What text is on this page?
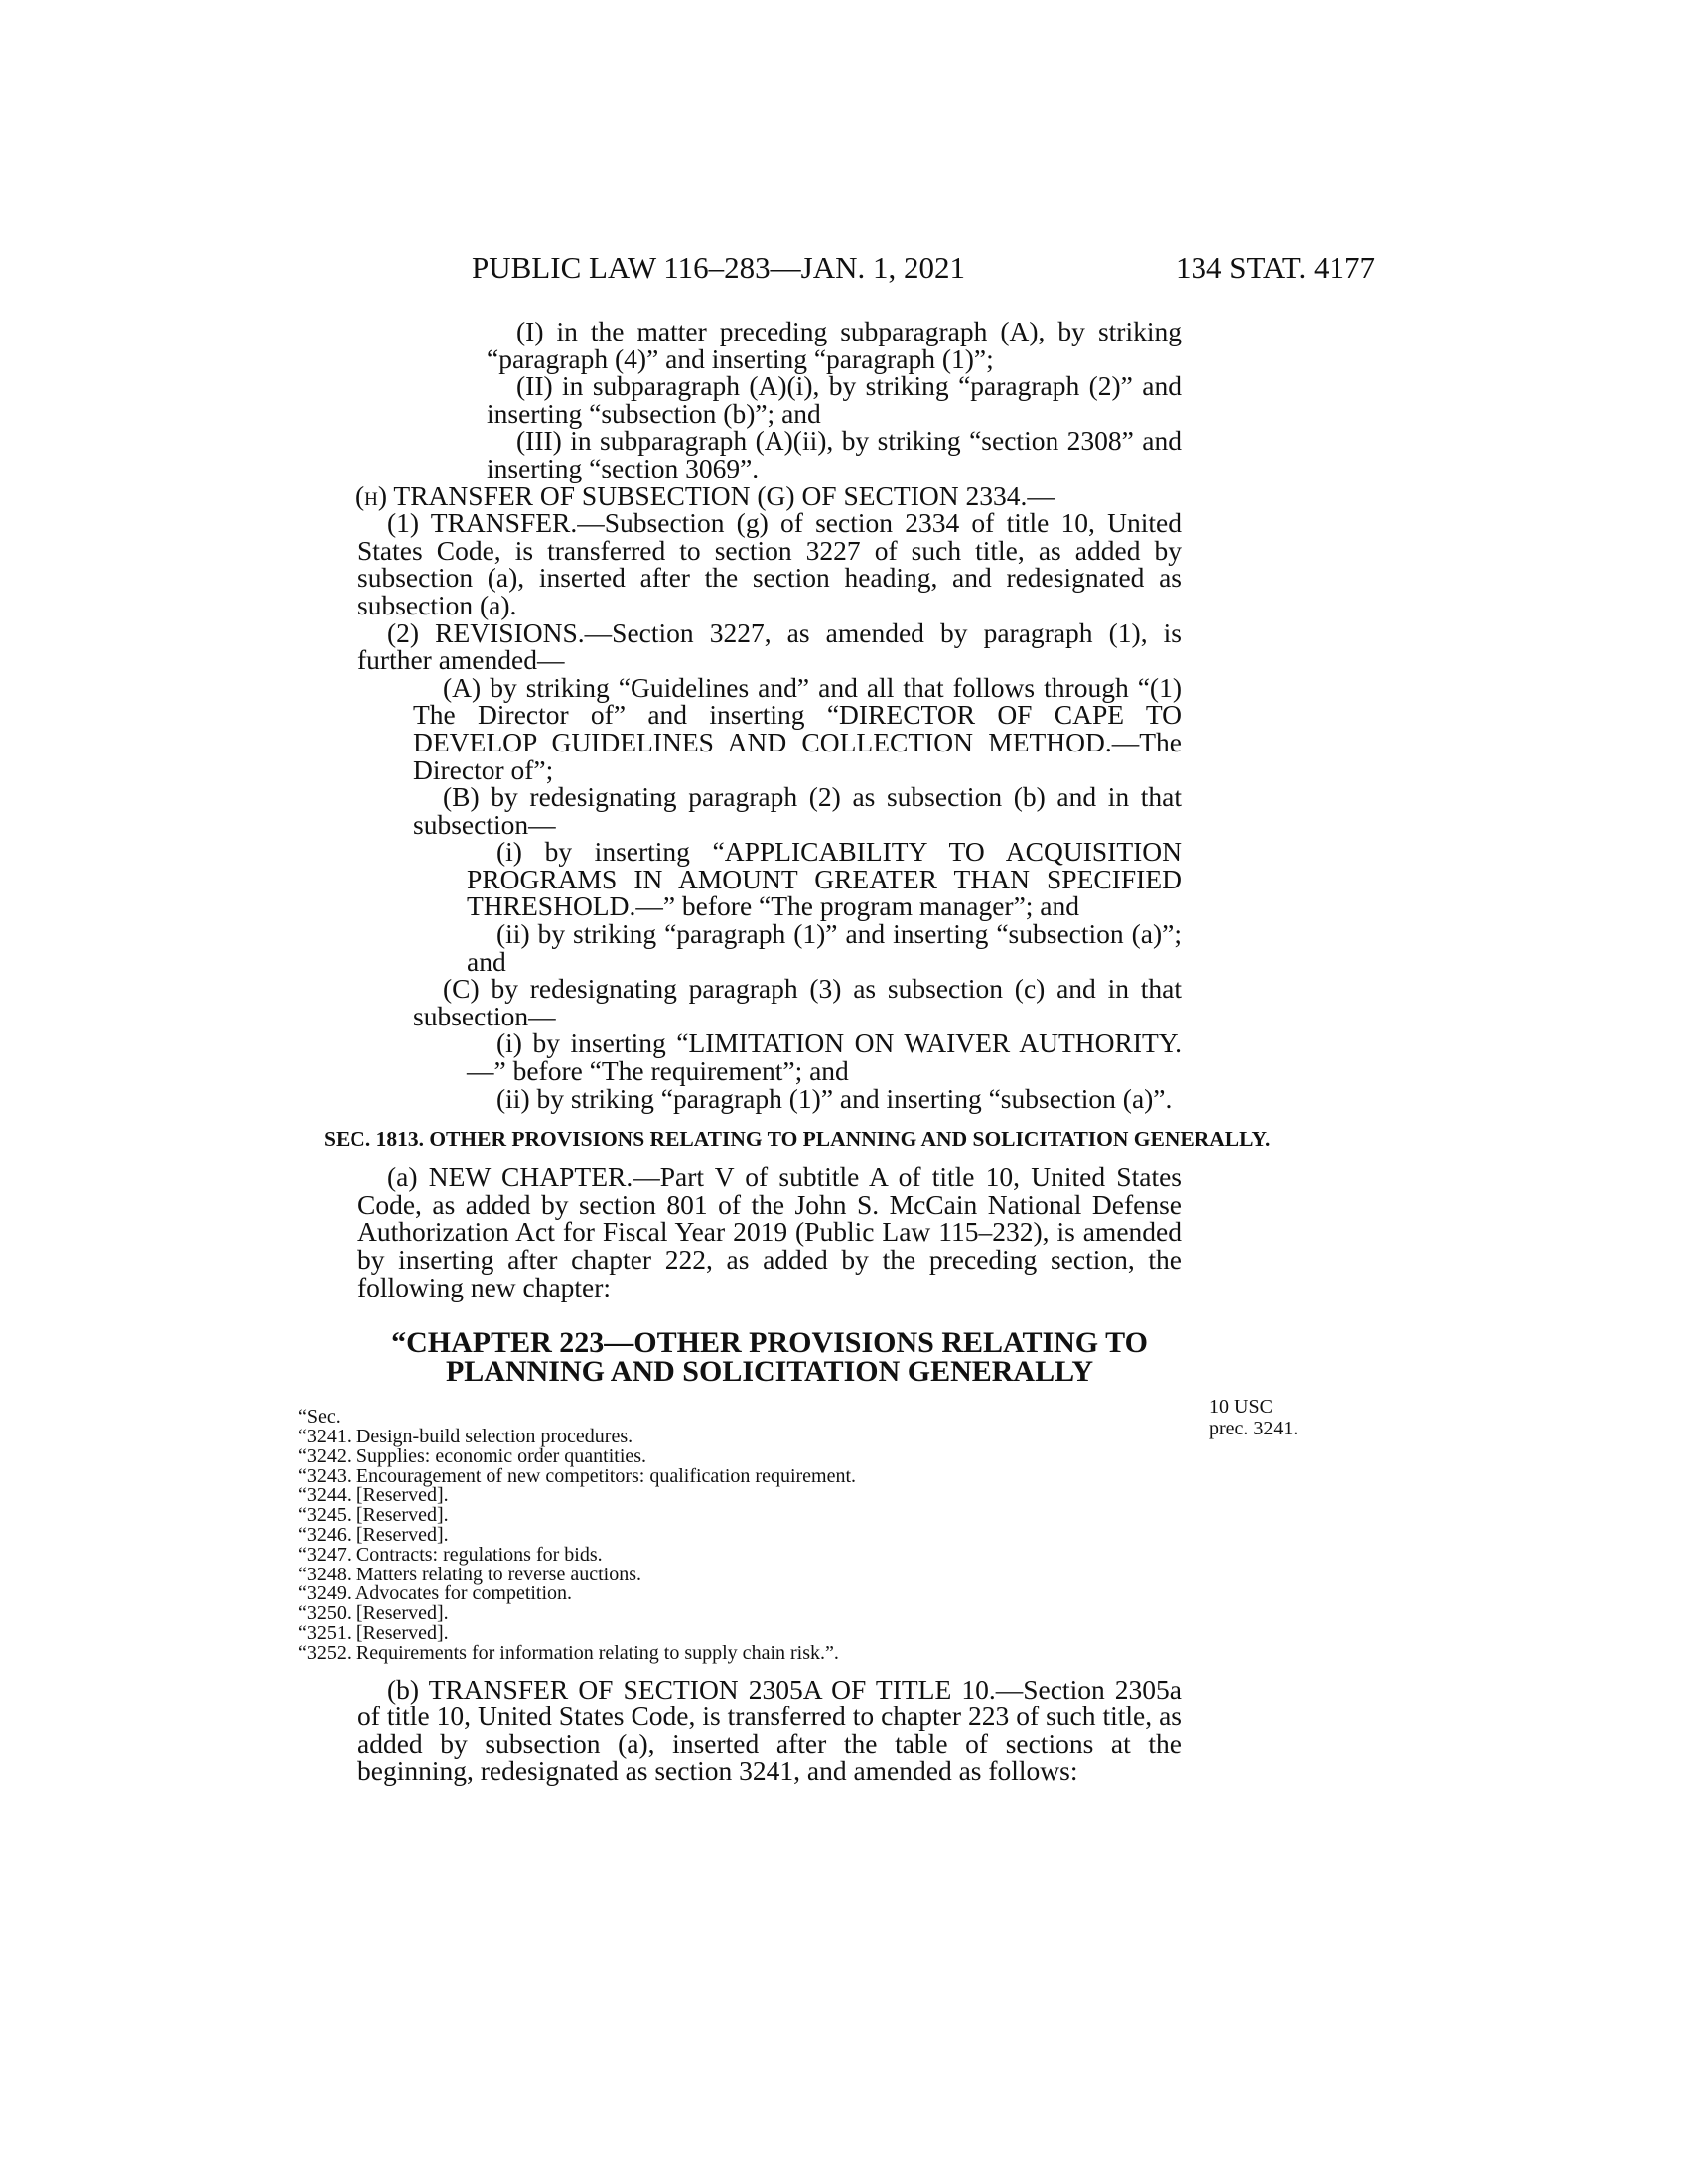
PUBLIC LAW 116–283—JAN. 1, 2021	134 STAT. 4177

(I) in the matter preceding subparagraph (A), by striking “paragraph (4)” and inserting “paragraph (1)”;

(II) in subparagraph (A)(i), by striking “paragraph (2)” and inserting “subsection (b)”; and

(III) in subparagraph (A)(ii), by striking “section 2308” and inserting “section 3069”.

(h) TRANSFER OF SUBSECTION (G) OF SECTION 2334.—

(1) TRANSFER.—Subsection (g) of section 2334 of title 10, United States Code, is transferred to section 3227 of such title, as added by subsection (a), inserted after the section heading, and redesignated as subsection (a).

(2) REVISIONS.—Section 3227, as amended by paragraph (1), is further amended—

(A) by striking “Guidelines and” and all that follows through “(1) The Director of” and inserting “DIRECTOR OF CAPE TO DEVELOP GUIDELINES AND COLLECTION METHOD.—The Director of”;

(B) by redesignating paragraph (2) as subsection (b) and in that subsection—

(i) by inserting “APPLICABILITY TO ACQUISITION PROGRAMS IN AMOUNT GREATER THAN SPECIFIED THRESHOLD.—” before “The program manager”; and

(ii) by striking “paragraph (1)” and inserting “subsection (a)”; and

(C) by redesignating paragraph (3) as subsection (c) and in that subsection—

(i) by inserting “LIMITATION ON WAIVER AUTHORITY.—” before “The requirement”; and

(ii) by striking “paragraph (1)” and inserting “subsection (a)”.

SEC. 1813. OTHER PROVISIONS RELATING TO PLANNING AND SOLICITATION GENERALLY.

(a) NEW CHAPTER.—Part V of subtitle A of title 10, United States Code, as added by section 801 of the John S. McCain National Defense Authorization Act for Fiscal Year 2019 (Public Law 115–232), is amended by inserting after chapter 222, as added by the preceding section, the following new chapter:

“CHAPTER 223—OTHER PROVISIONS RELATING TO
PLANNING AND SOLICITATION GENERALLY
“Sec.
“3241. Design-build selection procedures.
“3242. Supplies: economic order quantities.
“3243. Encouragement of new competitors: qualification requirement.
“3244. [Reserved].
“3245. [Reserved].
“3246. [Reserved].
“3247. Contracts: regulations for bids.
“3248. Matters relating to reverse auctions.
“3249. Advocates for competition.
“3250. [Reserved].
“3251. [Reserved].
“3252. Requirements for information relating to supply chain risk.”.

(b) TRANSFER OF SECTION 2305A OF TITLE 10.—Section 2305a of title 10, United States Code, is transferred to chapter 223 of such title, as added by subsection (a), inserted after the table of sections at the beginning, redesignated as section 3241, and amended as follows:

10 USC
prec. 3241.
